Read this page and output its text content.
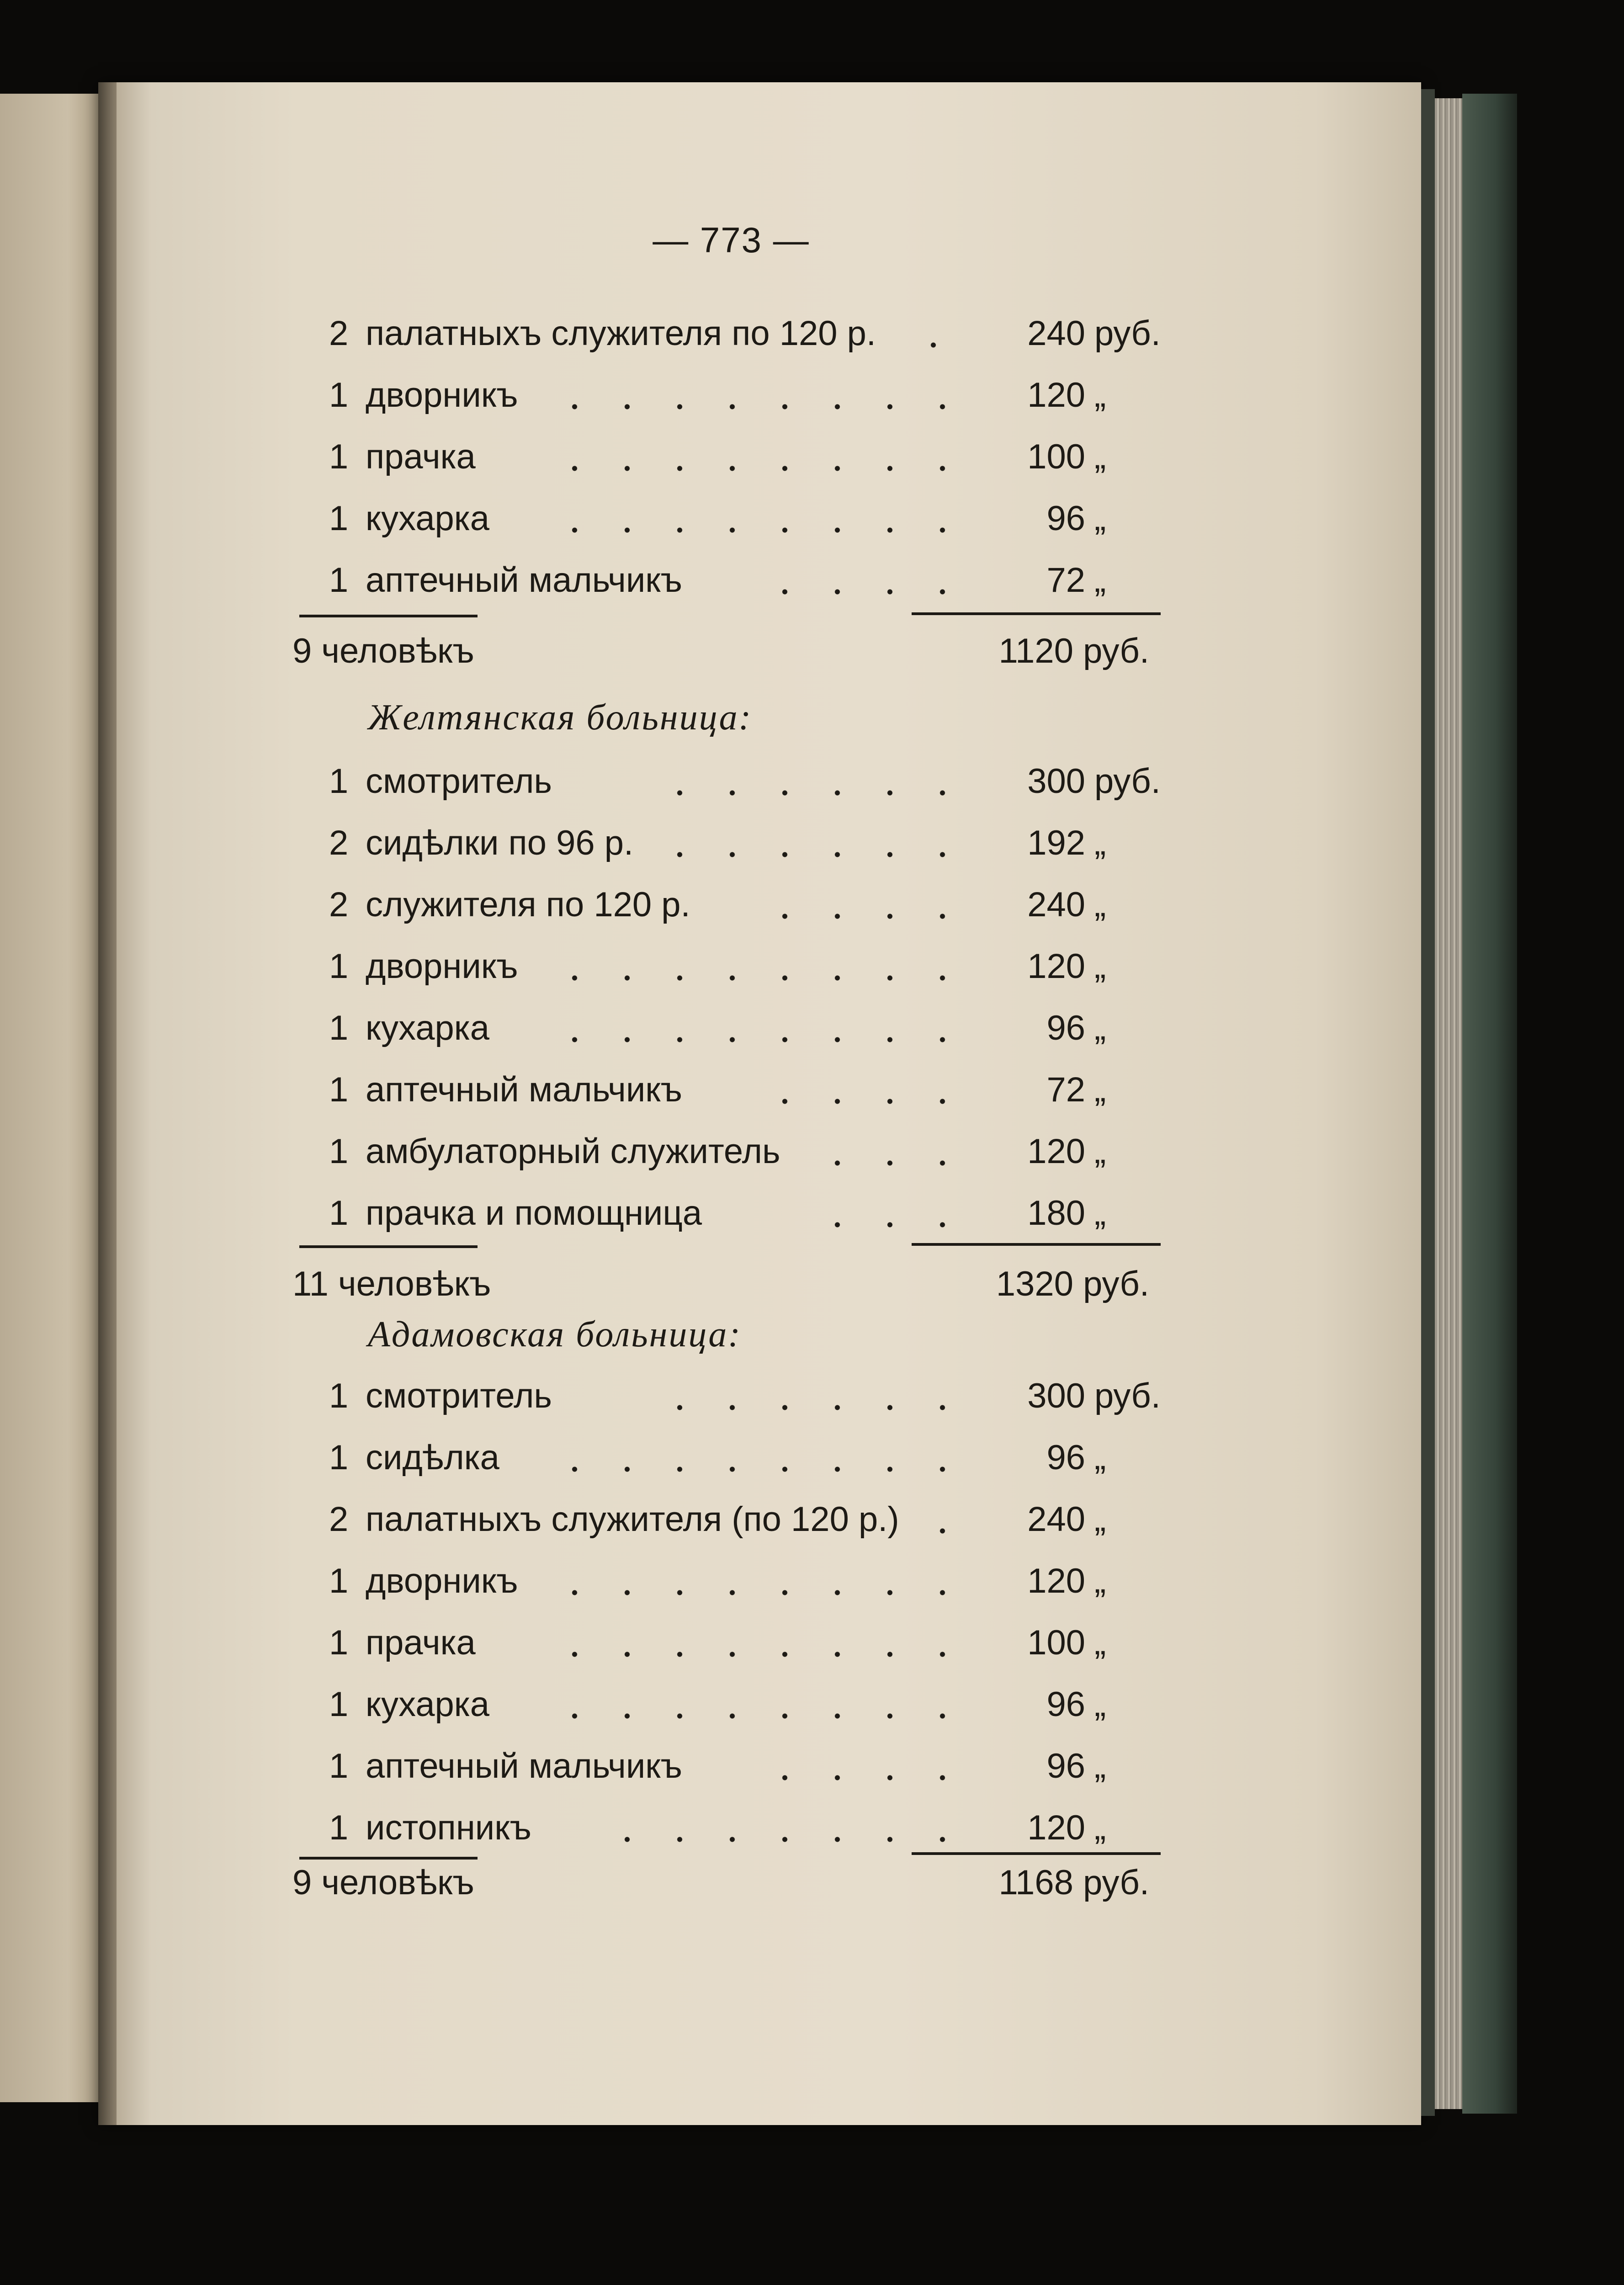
— 773 —
2 палатныхъ служителя по 120 р.	240 руб.
1 дворникъ	120 „
1 прачка	100 „
1 кухарка	96 „
1 аптечный мальчикъ	72 „
9 человѣкъ	1120 руб.
Желтянская больница:
1 смотритель	300 руб.
2 сидѣлки по 96 р.	192 „
2 служителя по 120 р.	240 „
1 дворникъ	120 „
1 кухарка	96 „
1 аптечный мальчикъ	72 „
1 амбулаторный служитель	120 „
1 прачка и помощница	180 „
11 человѣкъ	1320 руб.
Адамовская больница:
1 смотритель	300 руб.
1 сидѣлка	96 „
2 палатныхъ служителя (по 120 р.)	240 „
1 дворникъ	120 „
1 прачка	100 „
1 кухарка	96 „
1 аптечный мальчикъ	96 „
1 истопникъ	120 „
9 человѣкъ	1168 руб.
